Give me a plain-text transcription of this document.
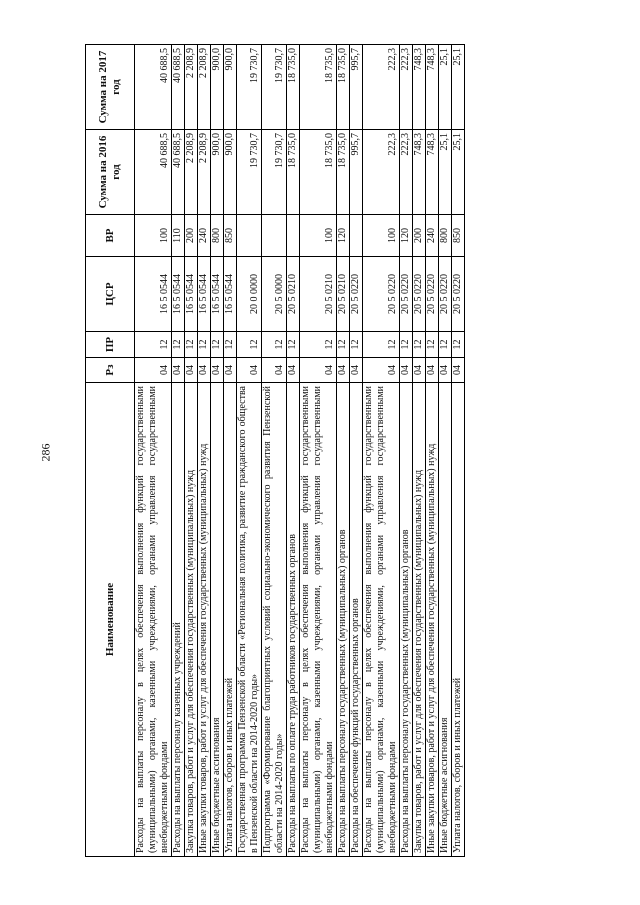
286
Наименование	Рз	ПР	ЦСР	ВР	Сумма на 2016 год	Сумма на 2017 год
Расходы на выплаты персоналу в целях обеспечения выполнения функций государственными (муниципальными) органами, казенными учреждениями, органами управления государственными внебюджетными фондами	04	12	16 5 0544	100	40 688,5	40 688,5
Расходы на выплаты персоналу казенных учреждений	04	12	16 5 0544	110	40 688,5	40 688,5
Закупка товаров, работ и услуг для обеспечения государственных (муниципальных) нужд	04	12	16 5 0544	200	2 208,9	2 208,9
Иные закупки товаров, работ и услуг для обеспечения государственных (муниципальных) нужд	04	12	16 5 0544	240	2 208,9	2 208,9
Иные бюджетные ассигнования	04	12	16 5 0544	800	900,0	900,0
Уплата налогов, сборов и иных платежей	04	12	16 5 0544	850	900,0	900,0
Государственная программа Пензенской области «Региональная политика, развитие гражданского общества в Пензенской области на 2014-2020 годы»	04	12	20 0 0000		19 730,7	19 730,7
Подпрограмма «Формирование благоприятных условий социально-экономического развития Пензенской области на 2014-2020 годы»	04	12	20 5 0000		19 730,7	19 730,7
Расходы на выплаты по оплате труда работников государственных органов	04	12	20 5 0210		18 735,0	18 735,0
Расходы на выплаты персоналу в целях обеспечения выполнения функций государственными (муниципальными) органами, казенными учреждениями, органами управления государственными внебюджетными фондами	04	12	20 5 0210	100	18 735,0	18 735,0
Расходы на выплаты персоналу государственных (муниципальных) органов	04	12	20 5 0210	120	18 735,0	18 735,0
Расходы на обеспечение функций государственных органов	04	12	20 5 0220		995,7	995,7
Расходы на выплаты персоналу в целях обеспечения выполнения функций государственными (муниципальными) органами, казенными учреждениями, органами управления государственными внебюджетными фондами	04	12	20 5 0220	100	222,3	222,3
Расходы на выплаты персоналу государственных (муниципальных) органов	04	12	20 5 0220	120	222,3	222,3
Закупка товаров, работ и услуг для обеспечения государственных (муниципальных) нужд	04	12	20 5 0220	200	748,3	748,3
Иные закупки товаров, работ и услуг для обеспечения государственных (муниципальных) нужд	04	12	20 5 0220	240	748,3	748,3
Иные бюджетные ассигнования	04	12	20 5 0220	800	25,1	25,1
Уплата налогов, сборов и иных платежей	04	12	20 5 0220	850	25,1	25,1
